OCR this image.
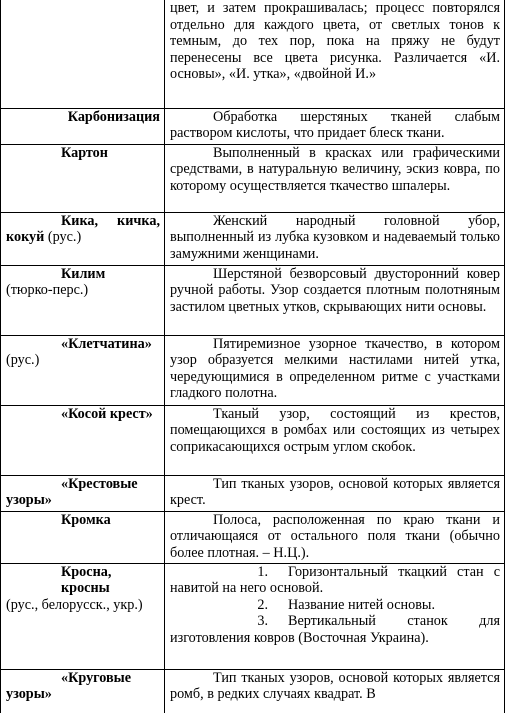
	цвет, и затем прокрашивалась; процесс повторялся отдельно для каждого цвета, от светлых тонов к темным, до тех пор, пока на пряжу не будут перенесены все цвета рисунка. Различается «И. основы», «И. утка», «двойной И.»

Карбонизация	Обработка шерстяных тканей слабым раствором кислоты, что придает блеск ткани.

Картон	Выполненный в красках или графическими средствами, в натуральную величину, эскиз ковра, по которому осуществляется ткачество шпалеры.

Кика, кичка, кокуй (рус.)	Женский народный головной убор, выполненный из лубка кузовком и надеваемый только замужними женщинами.

Килим
(тюрко-перс.)	Шерстяной безворсовый двусторонний ковер ручной работы. Узор создается плотным полотняным застилом цветных утков, скрывающих нити основы.

«Клетчатина»
(рус.)	Пятиремизное узорное ткачество, в котором узор образуется мелкими настилами нитей утка, чередующимися в определенном ритме с участками гладкого полотна.

«Косой крест»	Тканый узор, состоящий из крестов, помещающихся в ромбах или состоящих из четырех соприкасающихся острым углом скобок.

«Крестовые узоры»	Тип тканых узоров, основой которых является крест.

Кромка	Полоса, расположенная по краю ткани и отличающаяся от остального поля ткани (обычно более плотная. – Н.Ц.).

Кросна, кросны
(рус., белорусск., укр.)	1. Горизонтальный ткацкий стан с навитой на него основой.
2. Название нитей основы.
3. Вертикальный станок для изготовления ковров (Восточная Украина).

«Круговые узоры»	Тип тканых узоров, основой которых является ромб, в редких случаях квадрат. В
